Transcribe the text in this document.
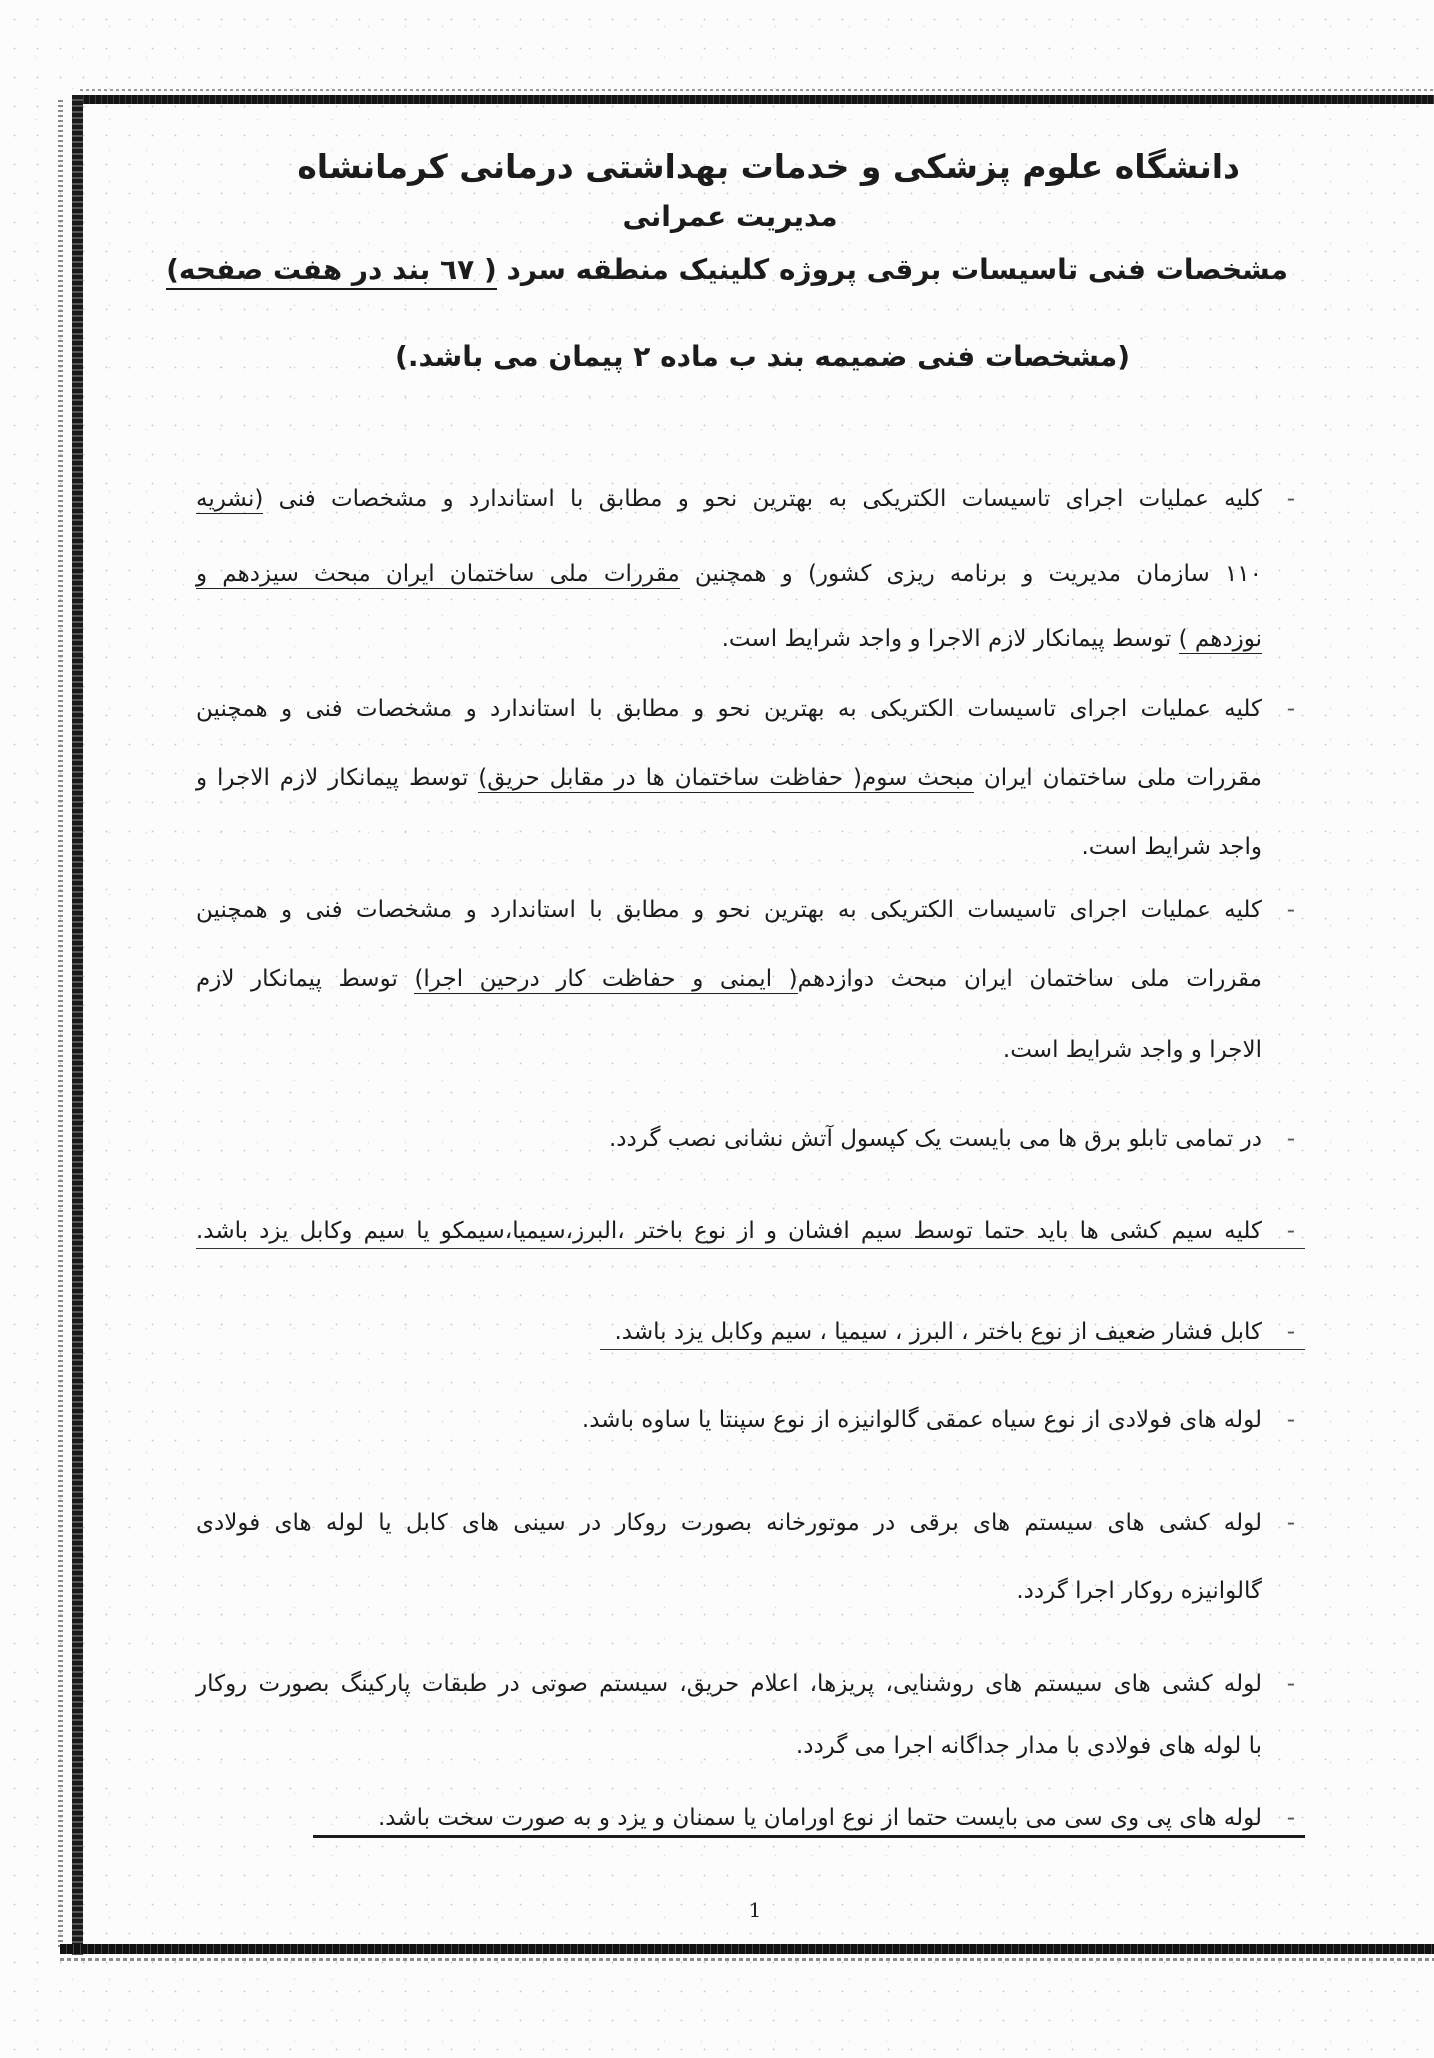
دانشگاه علوم پزشکی و خدمات بهداشتی درمانی کرمانشاه
مدیریت عمرانی
مشخصات فنی تاسیسات برقی پروژه کلینیک منطقه سرد ( ٦٧ بند در هفت صفحه)
(مشخصات فنی ضمیمه بند ب ماده ٢ پیمان می باشد.)
-
کلیه عملیات اجرای تاسیسات الکتریکی به بهترین نحو و مطابق با استاندارد و مشخصات فنی (نشریه
١١٠ سازمان مدیریت و برنامه ریزی کشور) و همچنین مقررات ملی ساختمان ایران مبحث سیزدهم و
نوزدهم ) توسط پیمانکار لازم الاجرا و واجد شرایط است.
-
کلیه عملیات اجرای تاسیسات الکتریکی به بهترین نحو و مطابق با استاندارد و مشخصات فنی و همچنین
مقررات ملی ساختمان ایران مبحث سوم( حفاظت ساختمان ها در مقابل حریق) توسط پیمانکار لازم الاجرا و
واجد شرایط است.
-
کلیه عملیات اجرای تاسیسات الکتریکی به بهترین نحو و مطابق با استاندارد و مشخصات فنی و همچنین
مقررات ملی ساختمان ایران مبحث دوازدهم( ایمنی و حفاظت کار درحین اجرا) توسط پیمانکار لازم
الاجرا و واجد شرایط است.
-
در تمامی تابلو برق ها می بایست یک کپسول آتش نشانی نصب گردد.
-
کلیه سیم کشی ها باید حتما توسط سیم افشان و از نوع باختر ،البرز،سیمیا،سیمکو یا سیم وکابل یزد باشد.
-
کابل فشار ضعیف از نوع باختر ، البرز ، سیمیا ، سیم وکابل یزد باشد.
-
لوله های فولادی از نوع سیاه عمقی گالوانیزه از نوع سپنتا یا ساوه باشد.
-
لوله کشی های سیستم های برقی در موتورخانه بصورت روکار در سینی های کابل یا لوله های فولادی
گالوانیزه روکار اجرا گردد.
-
لوله کشی های سیستم های روشنایی، پریزها، اعلام حریق، سیستم صوتی در طبقات پارکینگ بصورت روکار
با لوله های فولادی با مدار جداگانه اجرا می گردد.
-
لوله های پی وی سی می بایست حتما از نوع اورامان یا سمنان و یزد و به صورت سخت باشد.
1
